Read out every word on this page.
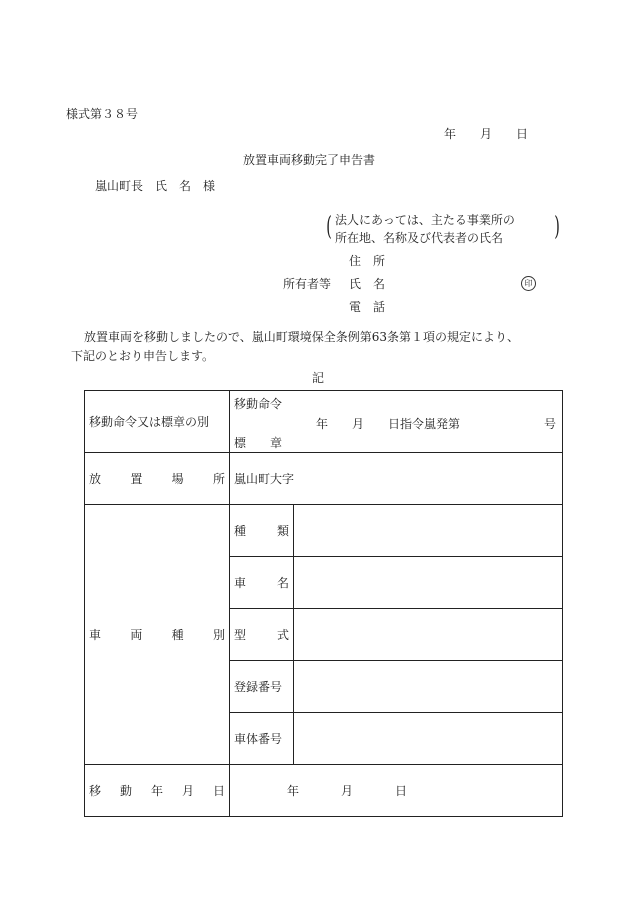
様式第３８号
年　　月　　日
放置車両移動完了申告書
嵐山町長　氏　名　様
( 法人にあっては、主たる事業所の
所在地、名称及び代表者の氏名 )
住　所
所有者等 氏　名	印
電　話
放置車両を移動しましたので、嵐山町環境保全条例第63条第１項の規定により、
下記のとおり申告します。
記
移動命令又は標章の別	移動命令
年　　月　　日指令嵐発第 号
標　　章	

放 置 場 所	嵐山町大字	

車 両 種 別	種 類	

	車 名	

	型 式	

	登録番号	
	車体番号	

移 動 年 月 日	年 月 日	
